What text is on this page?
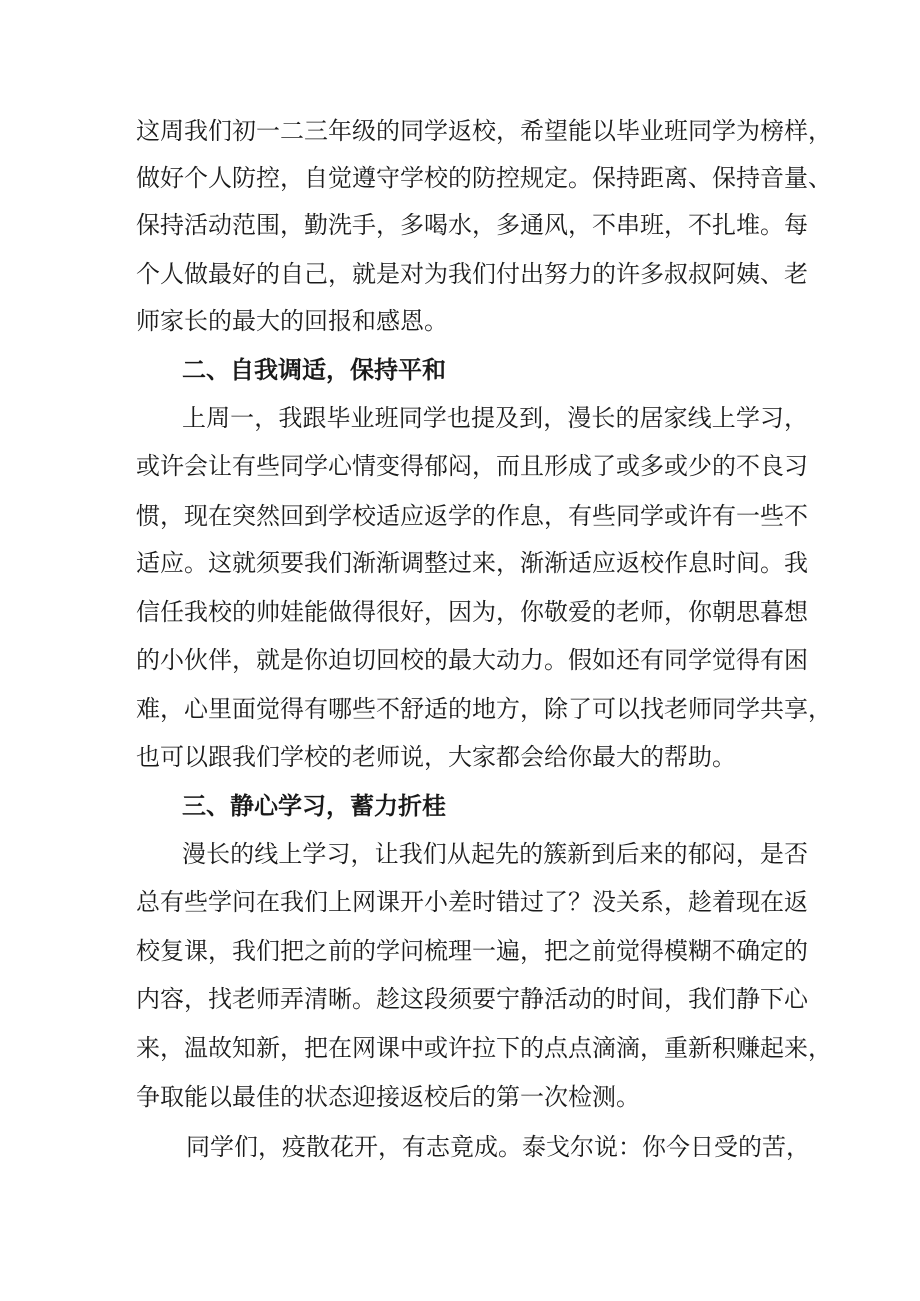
这周我们初一二三年级的同学返校，希望能以毕业班同学为榜样，
做好个人防控，自觉遵守学校的防控规定。保持距离、保持音量、
保持活动范围，勤洗手，多喝水，多通风，不串班，不扎堆。每
个人做最好的自己，就是对为我们付出努力的许多叔叔阿姨、老
师家长的最大的回报和感恩。
二、自我调适，保持平和
上周一，我跟毕业班同学也提及到，漫长的居家线上学习，
或许会让有些同学心情变得郁闷，而且形成了或多或少的不良习
惯，现在突然回到学校适应返学的作息，有些同学或许有一些不
适应。这就须要我们渐渐调整过来，渐渐适应返校作息时间。我
信任我校的帅娃能做得很好，因为，你敬爱的老师，你朝思暮想
的小伙伴，就是你迫切回校的最大动力。假如还有同学觉得有困
难，心里面觉得有哪些不舒适的地方，除了可以找老师同学共享，
也可以跟我们学校的老师说，大家都会给你最大的帮助。
三、静心学习，蓄力折桂
漫长的线上学习，让我们从起先的簇新到后来的郁闷，是否
总有些学问在我们上网课开小差时错过了？没关系，趁着现在返
校复课，我们把之前的学问梳理一遍，把之前觉得模糊不确定的
内容，找老师弄清晰。趁这段须要宁静活动的时间，我们静下心
来，温故知新，把在网课中或许拉下的点点滴滴，重新积赚起来，
争取能以最佳的状态迎接返校后的第一次检测。
同学们，疫散花开，有志竟成。泰戈尔说：你今日受的苦，
